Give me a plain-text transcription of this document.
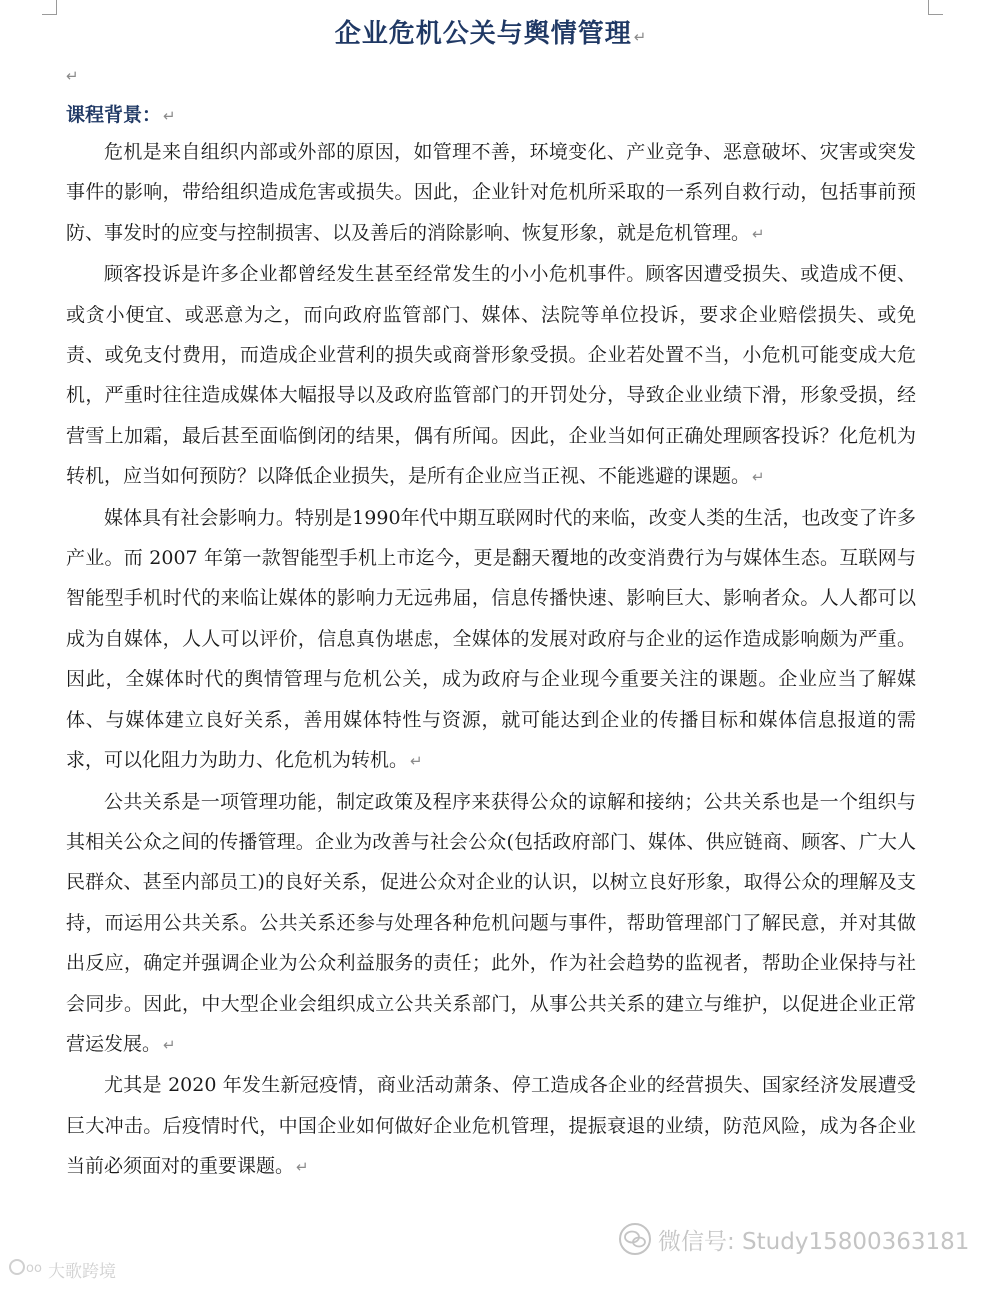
企业危机公关与舆情管理 ↵
↵
课程背景： ↵

危机是来自组织内部或外部的原因，如管理不善，环境变化、产业竞争、恶意破坏、灾害或突发事件的影响，带给组织造成危害或损失。因此，企业针对危机所采取的一系列自救行动，包括事前预防、事发时的应变与控制损害、以及善后的消除影响、恢复形象，就是危机管理。 ↵

顾客投诉是许多企业都曾经发生甚至经常发生的小小危机事件。顾客因遭受损失、或造成不便、或贪小便宜、或恶意为之，而向政府监管部门、媒体、法院等单位投诉，要求企业赔偿损失、或免责、或免支付费用，而造成企业营利的损失或商誉形象受损。企业若处置不当，小危机可能变成大危机，严重时往往造成媒体大幅报导以及政府监管部门的开罚处分，导致企业业绩下滑，形象受损，经营雪上加霜，最后甚至面临倒闭的结果，偶有所闻。因此，企业当如何正确处理顾客投诉？化危机为转机，应当如何预防？以降低企业损失，是所有企业应当正视、不能逃避的课题。 ↵

媒体具有社会影响力。特别是1990年代中期互联网时代的来临，改变人类的生活，也改变了许多产业。而 2007 年第一款智能型手机上市迄今，更是翻天覆地的改变消费行为与媒体生态。互联网与智能型手机时代的来临让媒体的影响力无远弗届，信息传播快速、影响巨大、影响者众。人人都可以成为自媒体，人人可以评价，信息真伪堪虑，全媒体的发展对政府与企业的运作造成影响颇为严重。因此，全媒体时代的舆情管理与危机公关，成为政府与企业现今重要关注的课题。企业应当了解媒体、与媒体建立良好关系，善用媒体特性与资源，就可能达到企业的传播目标和媒体信息报道的需求，可以化阻力为助力、化危机为转机。 ↵

公共关系是一项管理功能，制定政策及程序来获得公众的谅解和接纳；公共关系也是一个组织与其相关公众之间的传播管理。企业为改善与社会公众(包括政府部门、媒体、供应链商、顾客、广大人民群众、甚至内部员工)的良好关系，促进公众对企业的认识，以树立良好形象，取得公众的理解及支持，而运用公共关系。公共关系还参与处理各种危机问题与事件，帮助管理部门了解民意，并对其做出反应，确定并强调企业为公众利益服务的责任；此外，作为社会趋势的监视者，帮助企业保持与社会同步。因此，中大型企业会组织成立公共关系部门，从事公共关系的建立与维护，以促进企业正常营运发展。 ↵

尤其是 2020 年发生新冠疫情，商业活动萧条、停工造成各企业的经营损失、国家经济发展遭受巨大冲击。后疫情时代，中国企业如何做好企业危机管理，提振衰退的业绩，防范风险，成为各企业当前必须面对的重要课题。 ↵

oo 大歌跨境
微信号: Study15800363181
